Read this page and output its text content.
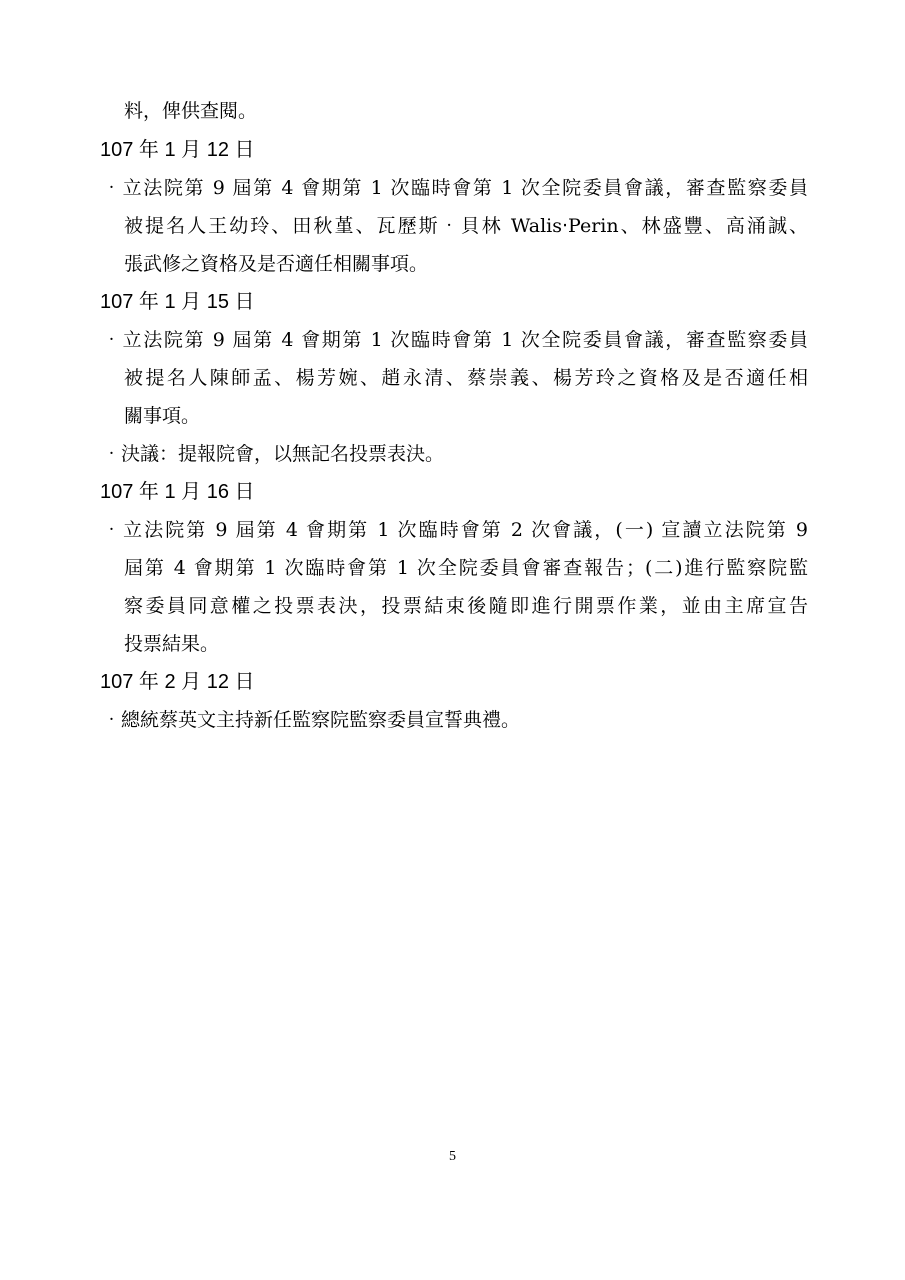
料，俾供查閱。
107 年 1 月 12 日
‧立法院第 9 屆第 4 會期第 1 次臨時會第 1 次全院委員會議，審查監察委員
被提名人王幼玲、田秋堇、瓦歷斯‧貝林 Walis‧Perin、林盛豐、高涌誠、
張武修之資格及是否適任相關事項。
107 年 1 月 15 日
‧立法院第 9 屆第 4 會期第 1 次臨時會第 1 次全院委員會議，審查監察委員
被提名人陳師孟、楊芳婉、趙永清、蔡崇義、楊芳玲之資格及是否適任相
關事項。
‧決議：提報院會，以無記名投票表決。
107 年 1 月 16 日
‧立法院第 9 屆第 4 會期第 1 次臨時會第 2 次會議，(一) 宣讀立法院第 9
屆第 4 會期第 1 次臨時會第 1 次全院委員會審查報告；(二)進行監察院監
察委員同意權之投票表決，投票結束後隨即進行開票作業，並由主席宣告
投票結果。
107 年 2 月 12 日
‧總統蔡英文主持新任監察院監察委員宣誓典禮。
5
